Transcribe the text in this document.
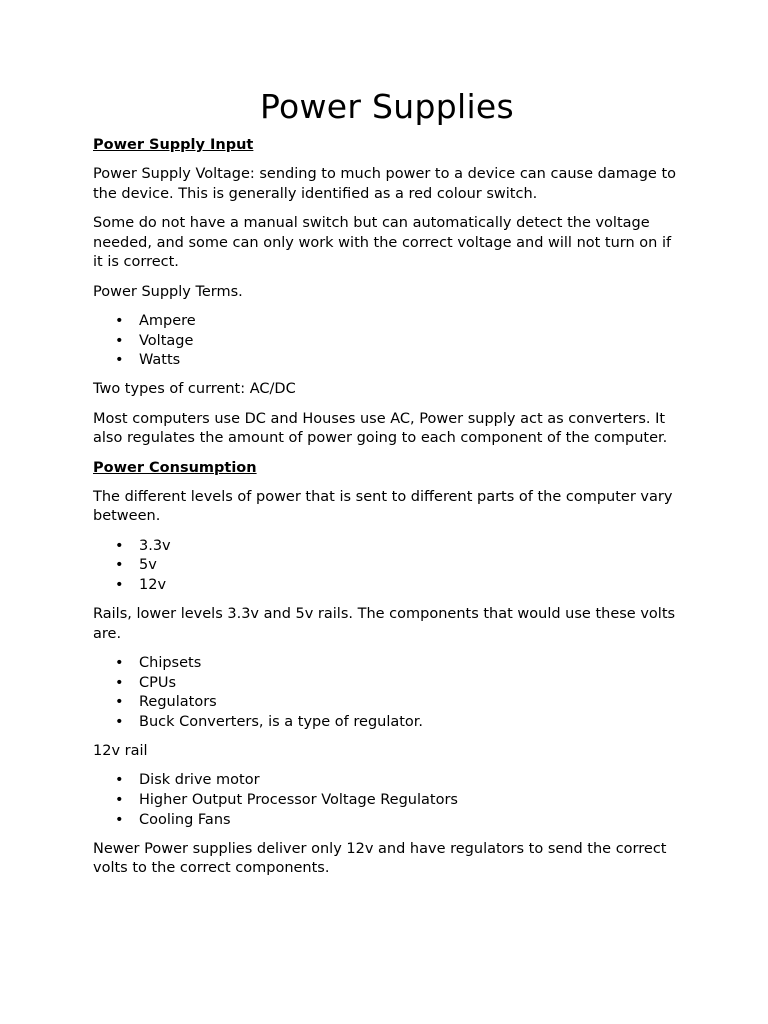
Power Supplies
Power Supply Input

Power Supply Voltage: sending to much power to a device can cause damage to the device. This is generally identified as a red colour switch.

Some do not have a manual switch but can automatically detect the voltage needed, and some can only work with the correct voltage and will not turn on if it is correct.

Power Supply Terms.

• Ampere
• Voltage
• Watts

Two types of current: AC/DC

Most computers use DC and Houses use AC, Power supply act as converters. It also regulates the amount of power going to each component of the computer.

Power Consumption

The different levels of power that is sent to different parts of the computer vary between.

• 3.3v
• 5v
• 12v

Rails, lower levels 3.3v and 5v rails. The components that would use these volts are.

• Chipsets
• CPUs
• Regulators
• Buck Converters, is a type of regulator.

12v rail

• Disk drive motor
• Higher Output Processor Voltage Regulators
• Cooling Fans

Newer Power supplies deliver only 12v and have regulators to send the correct volts to the correct components.
